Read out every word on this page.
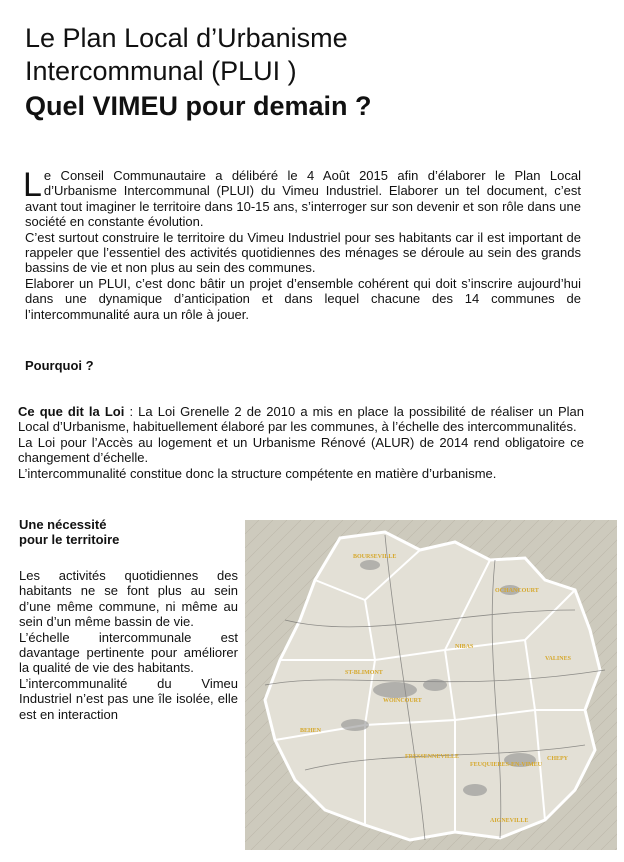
Le Plan Local d’Urbanisme
Intercommunal (PLUI )
Quel VIMEU pour demain ?

Le Conseil Communautaire a délibéré le 4 Août 2015 afin d’élaborer le Plan Local d’Urbanisme Intercommunal (PLUI) du Vimeu Industriel. Elaborer un tel document, c’est avant tout imaginer le territoire dans 10-15 ans, s’interroger sur son devenir et son rôle dans une société en constante évolution.

C’est surtout construire le territoire du Vimeu Industriel pour ses habitants car il est important de rappeler que l’essentiel des activités quotidiennes des ménages se déroule au sein des grands bassins de vie et non plus au sein des communes.

Elaborer un PLUI, c’est donc bâtir un projet d’ensemble cohérent qui doit s’inscrire aujourd’hui dans une dynamique d’anticipation et dans lequel chacune des 14 communes de l’intercommunalité aura un rôle à jouer.

Pourquoi ?

Ce que dit la Loi : La Loi Grenelle 2 de 2010 a mis en place la possibilité de réaliser un Plan Local d’Urbanisme, habituellement élaboré par les communes, à l’échelle des intercommunalités.

La Loi pour l’Accès au logement et un Urbanisme Rénové (ALUR) de 2014 rend obligatoire ce changement d’échelle.

L’intercommunalité constitue donc la structure compétente en matière d’urbanisme.

Une nécessité
pour le territoire

Les activités quotidiennes des habitants ne se font plus au sein d’une même commune, ni même au sein d’un même bassin de vie.

L’échelle intercommunale est davantage pertinente pour améliorer la qualité de vie des habitants.

L’intercommunalité du Vimeu Industriel n’est pas une île isolée, elle est en interaction

BOURSEVILLE
OCHANCOURT
NIBAS
FRESSENNEVILLE
FEUQUIERES-EN-VIMEU
AIGNEVILLE
WOINCOURT
CHEPY
VALINES
BEHEN
ST-BLIMONT
